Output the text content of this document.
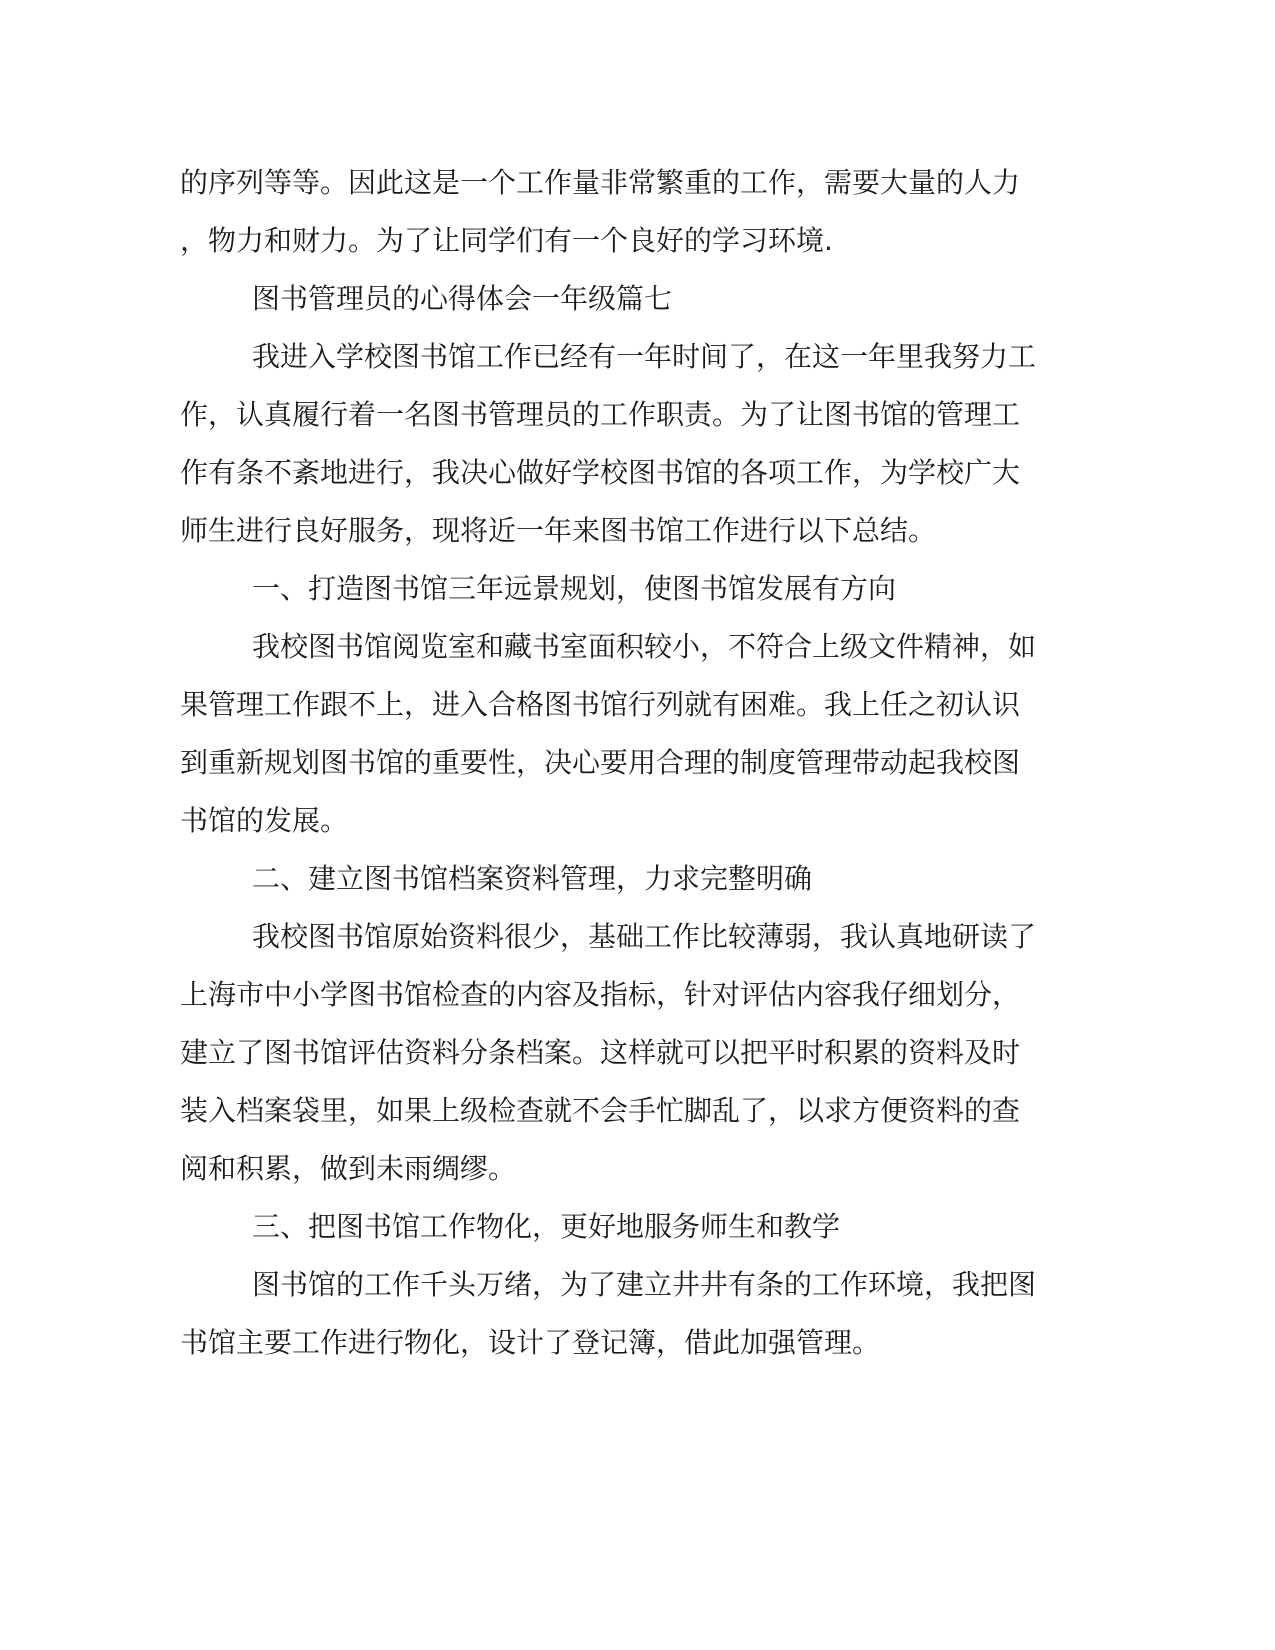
的序列等等。因此这是一个工作量非常繁重的工作，需要大量的人力
，物力和财力。为了让同学们有一个良好的学习环境.
图书管理员的心得体会一年级篇七
我进入学校图书馆工作已经有一年时间了，在这一年里我努力工
作，认真履行着一名图书管理员的工作职责。为了让图书馆的管理工
作有条不紊地进行，我决心做好学校图书馆的各项工作，为学校广大
师生进行良好服务，现将近一年来图书馆工作进行以下总结。
一、打造图书馆三年远景规划，使图书馆发展有方向
我校图书馆阅览室和藏书室面积较小，不符合上级文件精神，如
果管理工作跟不上，进入合格图书馆行列就有困难。我上任之初认识
到重新规划图书馆的重要性，决心要用合理的制度管理带动起我校图
书馆的发展。
二、建立图书馆档案资料管理，力求完整明确
我校图书馆原始资料很少，基础工作比较薄弱，我认真地研读了
上海市中小学图书馆检查的内容及指标，针对评估内容我仔细划分，
建立了图书馆评估资料分条档案。这样就可以把平时积累的资料及时
装入档案袋里，如果上级检查就不会手忙脚乱了，以求方便资料的查
阅和积累，做到未雨绸缪。
三、把图书馆工作物化，更好地服务师生和教学
图书馆的工作千头万绪，为了建立井井有条的工作环境，我把图
书馆主要工作进行物化，设计了登记簿，借此加强管理。
